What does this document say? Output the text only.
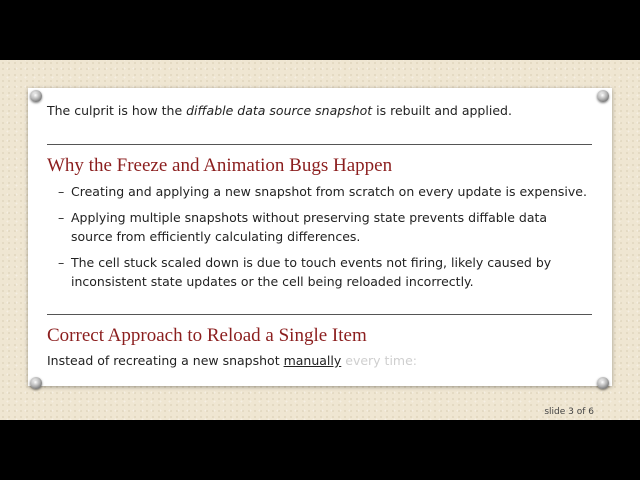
The culprit is how the diffable data source snapshot is rebuilt and applied.
Why the Freeze and Animation Bugs Happen
– Creating and applying a new snapshot from scratch on every update is expensive.
– Applying multiple snapshots without preserving state prevents diffable data source from efficiently calculating differences.
– The cell stuck scaled down is due to touch events not firing, likely caused by inconsistent state updates or the cell being reloaded incorrectly.
Correct Approach to Reload a Single Item
Instead of recreating a new snapshot manually every time:
slide 3 of 6
